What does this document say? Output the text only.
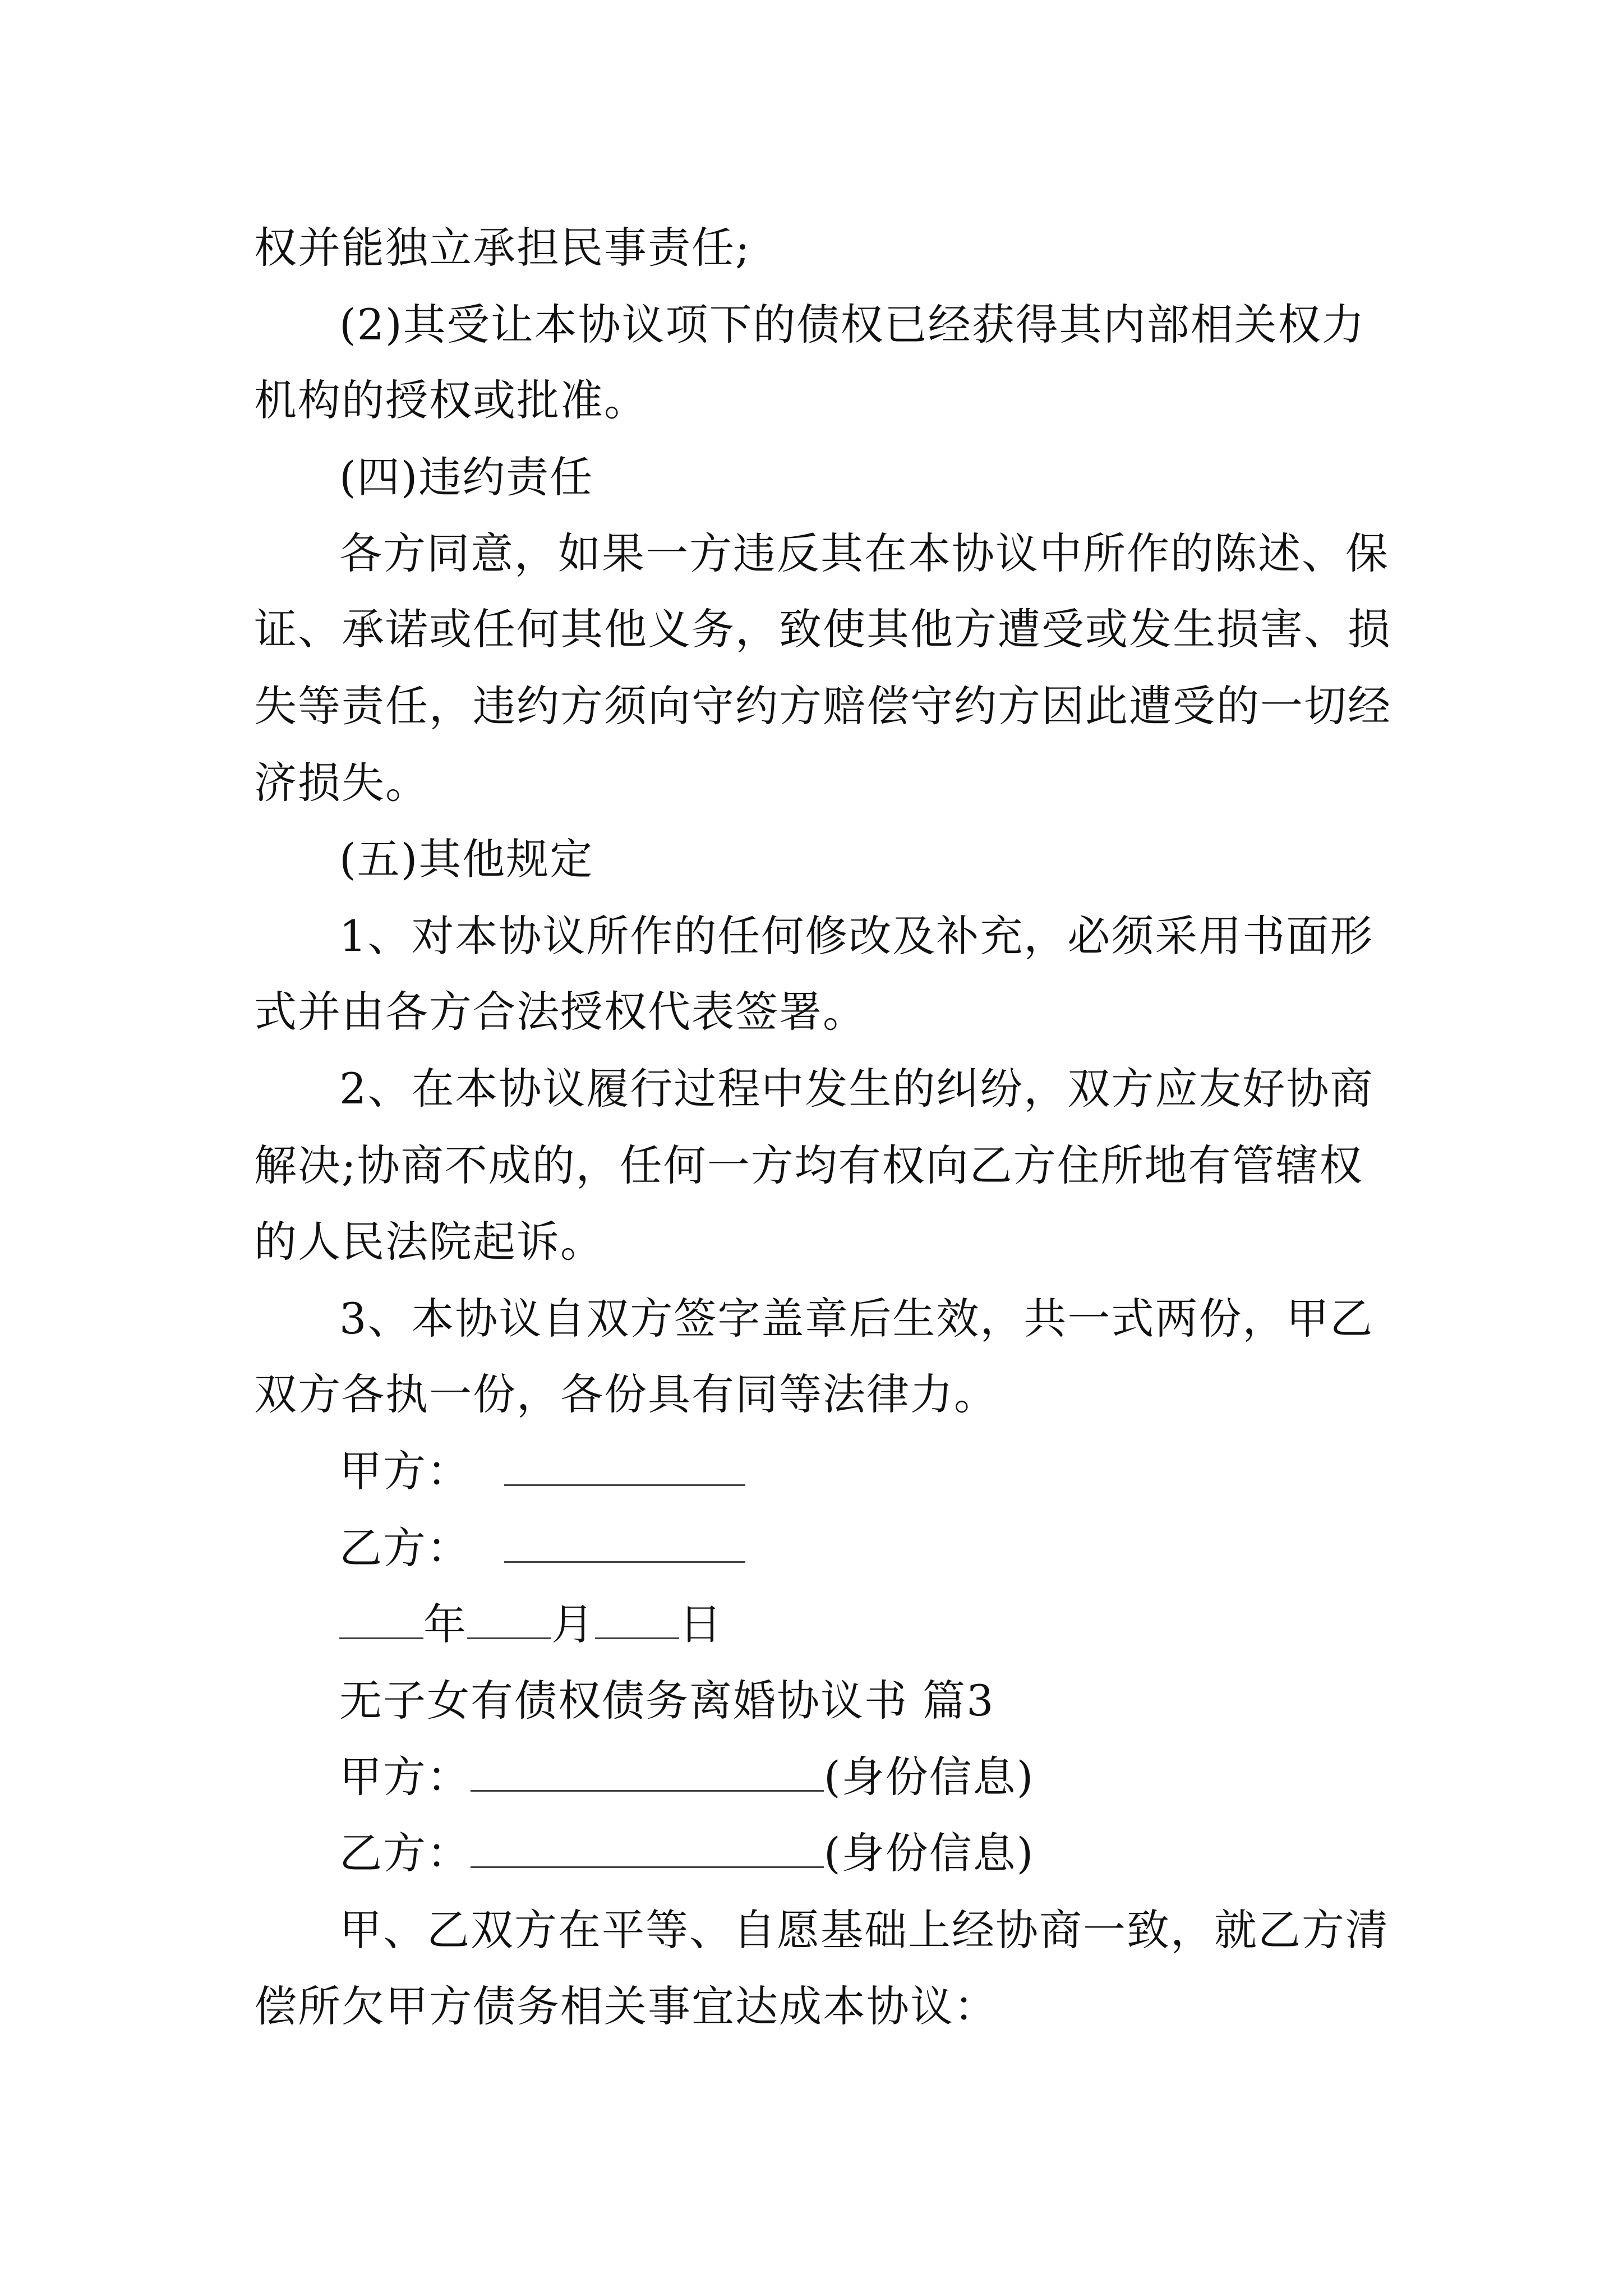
权并能独立承担民事责任;
(2)其受让本协议项下的债权已经获得其内部相关权力
机构的授权或批准。
(四)违约责任
各方同意，如果一方违反其在本协议中所作的陈述、保
证、承诺或任何其他义务，致使其他方遭受或发生损害、损
失等责任，违约方须向守约方赔偿守约方因此遭受的一切经
济损失。
(五)其他规定
1、对本协议所作的任何修改及补充，必须采用书面形
式并由各方合法授权代表签署。
2、在本协议履行过程中发生的纠纷，双方应友好协商
解决;协商不成的，任何一方均有权向乙方住所地有管辖权
的人民法院起诉。
3、本协议自双方签字盖章后生效，共一式两份，甲乙
双方各执一份，各份具有同等法律力。
甲方：
乙方：
年 月 日
无子女有债权债务离婚协议书 篇3
甲方：	(身份信息)
乙方：	(身份信息)
甲、乙双方在平等、自愿基础上经协商一致，就乙方清
偿所欠甲方债务相关事宜达成本协议：
